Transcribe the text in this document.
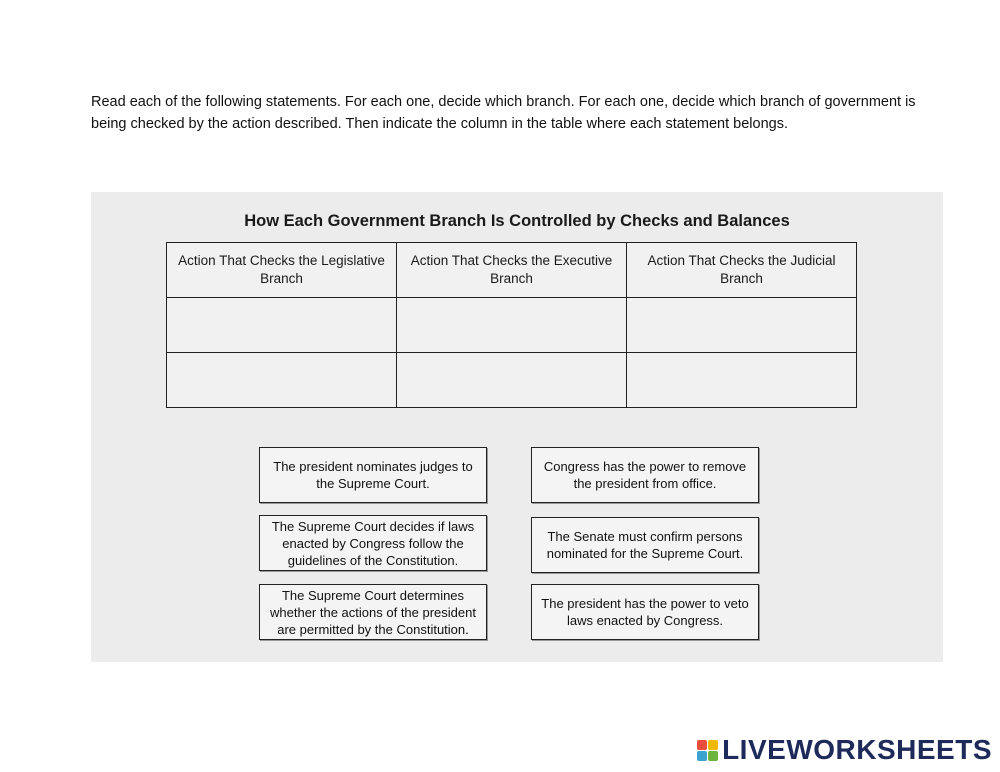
Read each of the following statements. For each one, decide which branch. For each one, decide which branch of government is being checked by the action described. Then indicate the column in the table where each statement belongs.
How Each Government Branch Is Controlled by Checks and Balances
Action That Checks the Legislative Branch	Action That Checks the Executive Branch	Action That Checks the Judicial Branch

The president nominates judges to the Supreme Court.
Congress has the power to remove the president from office.
The Supreme Court decides if laws enacted by Congress follow the guidelines of the Constitution.
The Senate must confirm persons nominated for the Supreme Court.
The Supreme Court determines whether the actions of the president are permitted by the Constitution.
The president has the power to veto laws enacted by Congress.
LIVEWORKSHEETS
